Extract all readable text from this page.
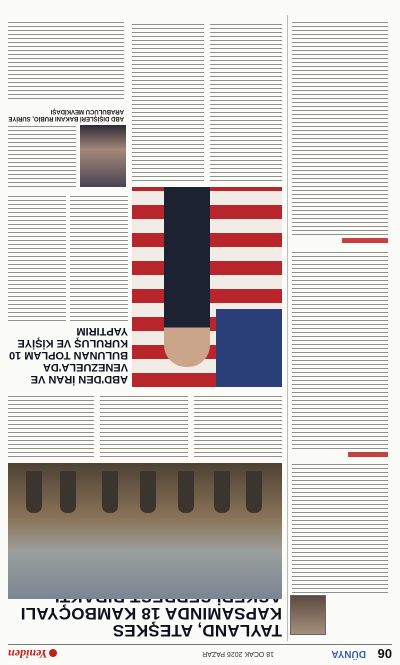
06
DÜNYA
18 OCAK 2026 PAZAR
Yeniden
TAYLAND, ATEŞKES KAPSAMINDA 18 KAMBOÇYALI
ABD'DEN İRAN VE VENEZUELA'DA BULUNAN TOPLAM 10 KURULUŞ VE KİŞİYE YAPTIRIM
ABD DIŞİŞLERİ BAKANI RUBİO, SURİYE ARABULUCU MEVKİDAŞI
